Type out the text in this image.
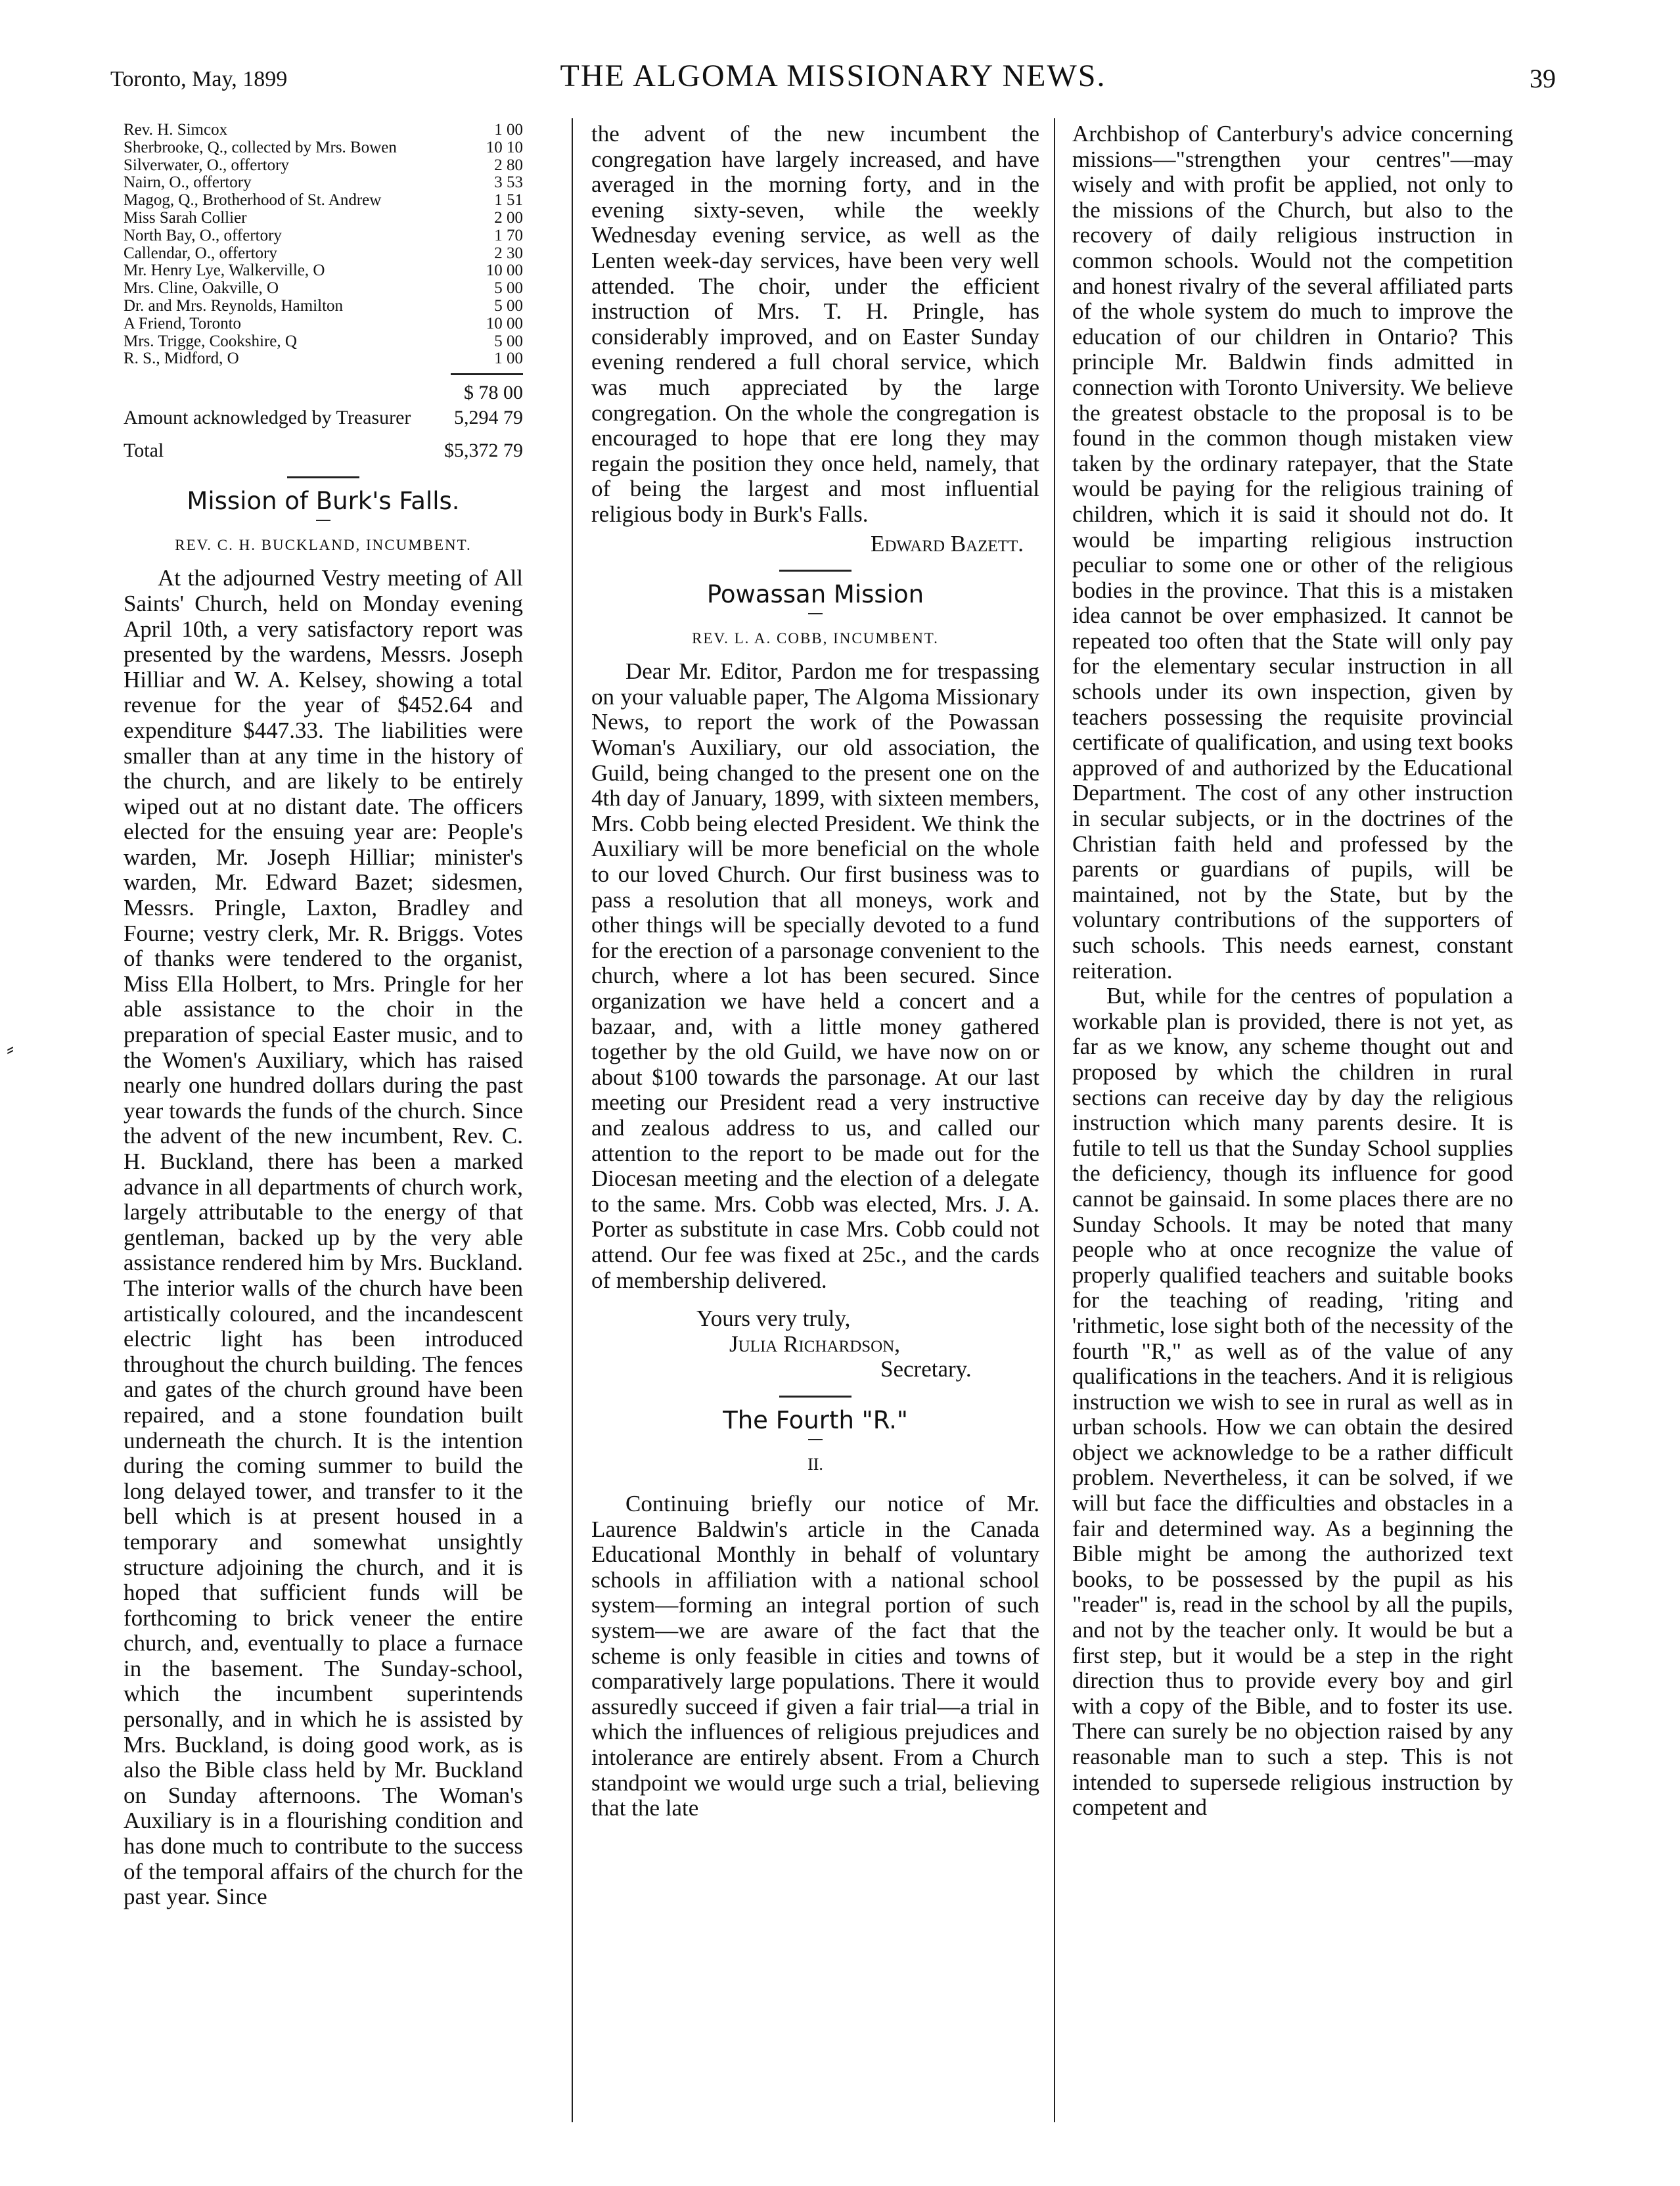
Toronto, May, 1899	THE ALGOMA MISSIONARY NEWS.	39
⸗
Rev. H. Simcox	1 00
Sherbrooke, Q., collected by Mrs. Bowen	10 10
Silverwater, O., offertory	2 80
Nairn, O., offertory	3 53
Magog, Q., Brotherhood of St. Andrew	1 51
Miss Sarah Collier	2 00
North Bay, O., offertory	1 70
Callendar, O., offertory	2 30
Mr. Henry Lye, Walkerville, O	10 00
Mrs. Cline, Oakville, O	5 00
Dr. and Mrs. Reynolds, Hamilton	5 00
A Friend, Toronto	10 00
Mrs. Trigge, Cookshire, Q	5 00
R. S., Midford, O	1 00
$ 78 00
Amount acknowledged by Treasurer	5,294 79
Total	$5,372 79
Mission of Burk's Falls.
REV. C. H. BUCKLAND, INCUMBENT.

At the adjourned Vestry meeting of All Saints' Church, held on Monday evening April 10th, a very satisfactory report was presented by the wardens, Messrs. Joseph Hilliar and W. A. Kelsey, showing a total revenue for the year of $452.64 and expenditure $447.33. The liabilities were smaller than at any time in the history of the church, and are likely to be entirely wiped out at no distant date. The officers elected for the ensuing year are: People's warden, Mr. Joseph Hilliar; minister's warden, Mr. Edward Bazet; sidesmen, Messrs. Pringle, Laxton, Bradley and Fourne; vestry clerk, Mr. R. Briggs. Votes of thanks were tendered to the organist, Miss Ella Holbert, to Mrs. Pringle for her able assistance to the choir in the preparation of special Easter music, and to the Women's Auxiliary, which has raised nearly one hundred dollars during the past year towards the funds of the church. Since the advent of the new incumbent, Rev. C. H. Buckland, there has been a marked advance in all departments of church work, largely attributable to the energy of that gentleman, backed up by the very able assistance rendered him by Mrs. Buckland. The interior walls of the church have been artistically coloured, and the incandescent electric light has been introduced throughout the church building. The fences and gates of the church ground have been repaired, and a stone foundation built underneath the church. It is the intention during the coming summer to build the long delayed tower, and transfer to it the bell which is at present housed in a temporary and somewhat unsightly structure adjoining the church, and it is hoped that sufficient funds will be forthcoming to brick veneer the entire church, and, eventually to place a furnace in the basement. The Sunday-school, which the incumbent superintends personally, and in which he is assisted by Mrs. Buckland, is doing good work, as is also the Bible class held by Mr. Buckland on Sunday afternoons. The Woman's Auxiliary is in a flourishing condition and has done much to contribute to the success of the temporal affairs of the church for the past year. Since

the advent of the new incumbent the congregation have largely increased, and have averaged in the morning forty, and in the evening sixty-seven, while the weekly Wednesday evening service, as well as the Lenten week-day services, have been very well attended. The choir, under the efficient instruction of Mrs. T. H. Pringle, has considerably improved, and on Easter Sunday evening rendered a full choral service, which was much appreciated by the large congregation. On the whole the congregation is encouraged to hope that ere long they may regain the position they once held, namely, that of being the largest and most influential religious body in Burk's Falls.

Edward Bazett.
Powassan Mission
REV. L. A. COBB, INCUMBENT.

Dear Mr. Editor, Pardon me for trespassing on your valuable paper, The Algoma Missionary News, to report the work of the Powassan Woman's Auxiliary, our old association, the Guild, being changed to the present one on the 4th day of January, 1899, with sixteen members, Mrs. Cobb being elected President. We think the Auxiliary will be more beneficial on the whole to our loved Church. Our first business was to pass a resolution that all moneys, work and other things will be specially devoted to a fund for the erection of a parsonage convenient to the church, where a lot has been secured. Since organization we have held a concert and a bazaar, and, with a little money gathered together by the old Guild, we have now on or about $100 towards the parsonage. At our last meeting our President read a very instructive and zealous address to us, and called our attention to the report to be made out for the Diocesan meeting and the election of a delegate to the same. Mrs. Cobb was elected, Mrs. J. A. Porter as substitute in case Mrs. Cobb could not attend. Our fee was fixed at 25c., and the cards of membership delivered.

Yours very truly,
Julia Richardson,
Secretary.
The Fourth "R."
II.

Continuing briefly our notice of Mr. Laurence Baldwin's article in the Canada Educational Monthly in behalf of voluntary schools in affiliation with a national school system—forming an integral portion of such system—we are aware of the fact that the scheme is only feasible in cities and towns of comparatively large populations. There it would assuredly succeed if given a fair trial—a trial in which the influences of religious prejudices and intolerance are entirely absent. From a Church standpoint we would urge such a trial, believing that the late

Archbishop of Canterbury's advice concerning missions—"strengthen your centres"—may wisely and with profit be applied, not only to the missions of the Church, but also to the recovery of daily religious instruction in common schools. Would not the competition and honest rivalry of the several affiliated parts of the whole system do much to improve the education of our children in Ontario? This principle Mr. Baldwin finds admitted in connection with Toronto University. We believe the greatest obstacle to the proposal is to be found in the common though mistaken view taken by the ordinary ratepayer, that the State would be paying for the religious training of children, which it is said it should not do. It would be imparting religious instruction peculiar to some one or other of the religious bodies in the province. That this is a mistaken idea cannot be over emphasized. It cannot be repeated too often that the State will only pay for the elementary secular instruction in all schools under its own inspection, given by teachers possessing the requisite provincial certificate of qualification, and using text books approved of and authorized by the Educational Department. The cost of any other instruction in secular subjects, or in the doctrines of the Christian faith held and professed by the parents or guardians of pupils, will be maintained, not by the State, but by the voluntary contributions of the supporters of such schools. This needs earnest, constant reiteration.

But, while for the centres of population a workable plan is provided, there is not yet, as far as we know, any scheme thought out and proposed by which the children in rural sections can receive day by day the religious instruction which many parents desire. It is futile to tell us that the Sunday School supplies the deficiency, though its influence for good cannot be gainsaid. In some places there are no Sunday Schools. It may be noted that many people who at once recognize the value of properly qualified teachers and suitable books for the teaching of reading, 'riting and 'rithmetic, lose sight both of the necessity of the fourth "R," as well as of the value of any qualifications in the teachers. And it is religious instruction we wish to see in rural as well as in urban schools. How we can obtain the desired object we acknowledge to be a rather difficult problem. Nevertheless, it can be solved, if we will but face the difficulties and obstacles in a fair and determined way. As a beginning the Bible might be among the authorized text books, to be possessed by the pupil as his "reader" is, read in the school by all the pupils, and not by the teacher only. It would be but a first step, but it would be a step in the right direction thus to provide every boy and girl with a copy of the Bible, and to foster its use. There can surely be no objection raised by any reasonable man to such a step. This is not intended to supersede religious instruction by competent and
